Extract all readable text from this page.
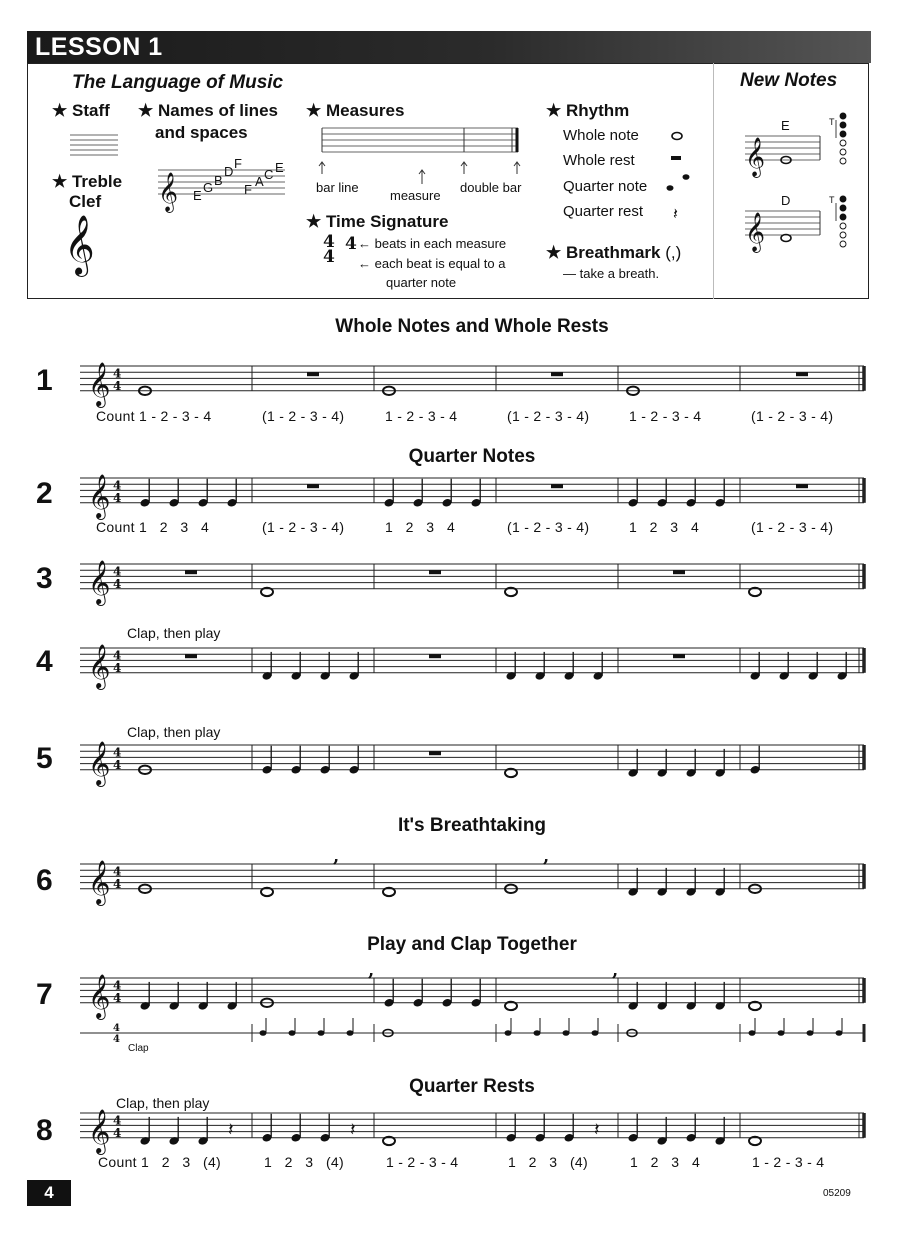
LESSON 1
The Language of Music	New Notes
★ Staff
★ Treble
Clef
★ Names of lines
and spaces
E
G B
D
F
F
A C E
★ Measures
bar line
measure
double bar
★ Time Signature
4
4
4 ← beats in each measure
← each beat is equal to a
quarter note
★ Rhythm
Whole note
Whole rest
Quarter note
Quarter rest
★ Breathmark (,)
— take a breath.
E
D
T
T
Whole Notes and Whole Rests
Quarter Notes
It's Breathtaking
Play and Clap Together
Quarter Rests
1
2
3
4
5
6
7
8
Clap, then play
Clap, then play
Clap, then play
Clap
Count 1 - 2 - 3 - 4	(1 - 2 - 3 - 4)	1 - 2 - 3 - 4	(1 - 2 - 3 - 4)	1 - 2 - 3 - 4	(1 - 2 - 3 - 4)
Count 1   2   3   4	(1 - 2 - 3 - 4)	1   2   3   4	(1 - 2 - 3 - 4)	1   2   3   4	(1 - 2 - 3 - 4)
Count 1   2   3   (4)	1   2   3   (4)	1 - 2 - 3 - 4	1   2   3   (4)	1   2   3   4	1 - 2 - 3 - 4
4	05209
𝄞 4
4
𝄞 4
4
𝄞 4
4
𝄞 4
4
𝄞 4
4
𝄞 4
4
,	,
𝄞 4
4
,	,
4
4
𝄞 4
4	𝄽	𝄽	𝄽
𝄞
𝄞
𝄽
𝄞
𝄞
